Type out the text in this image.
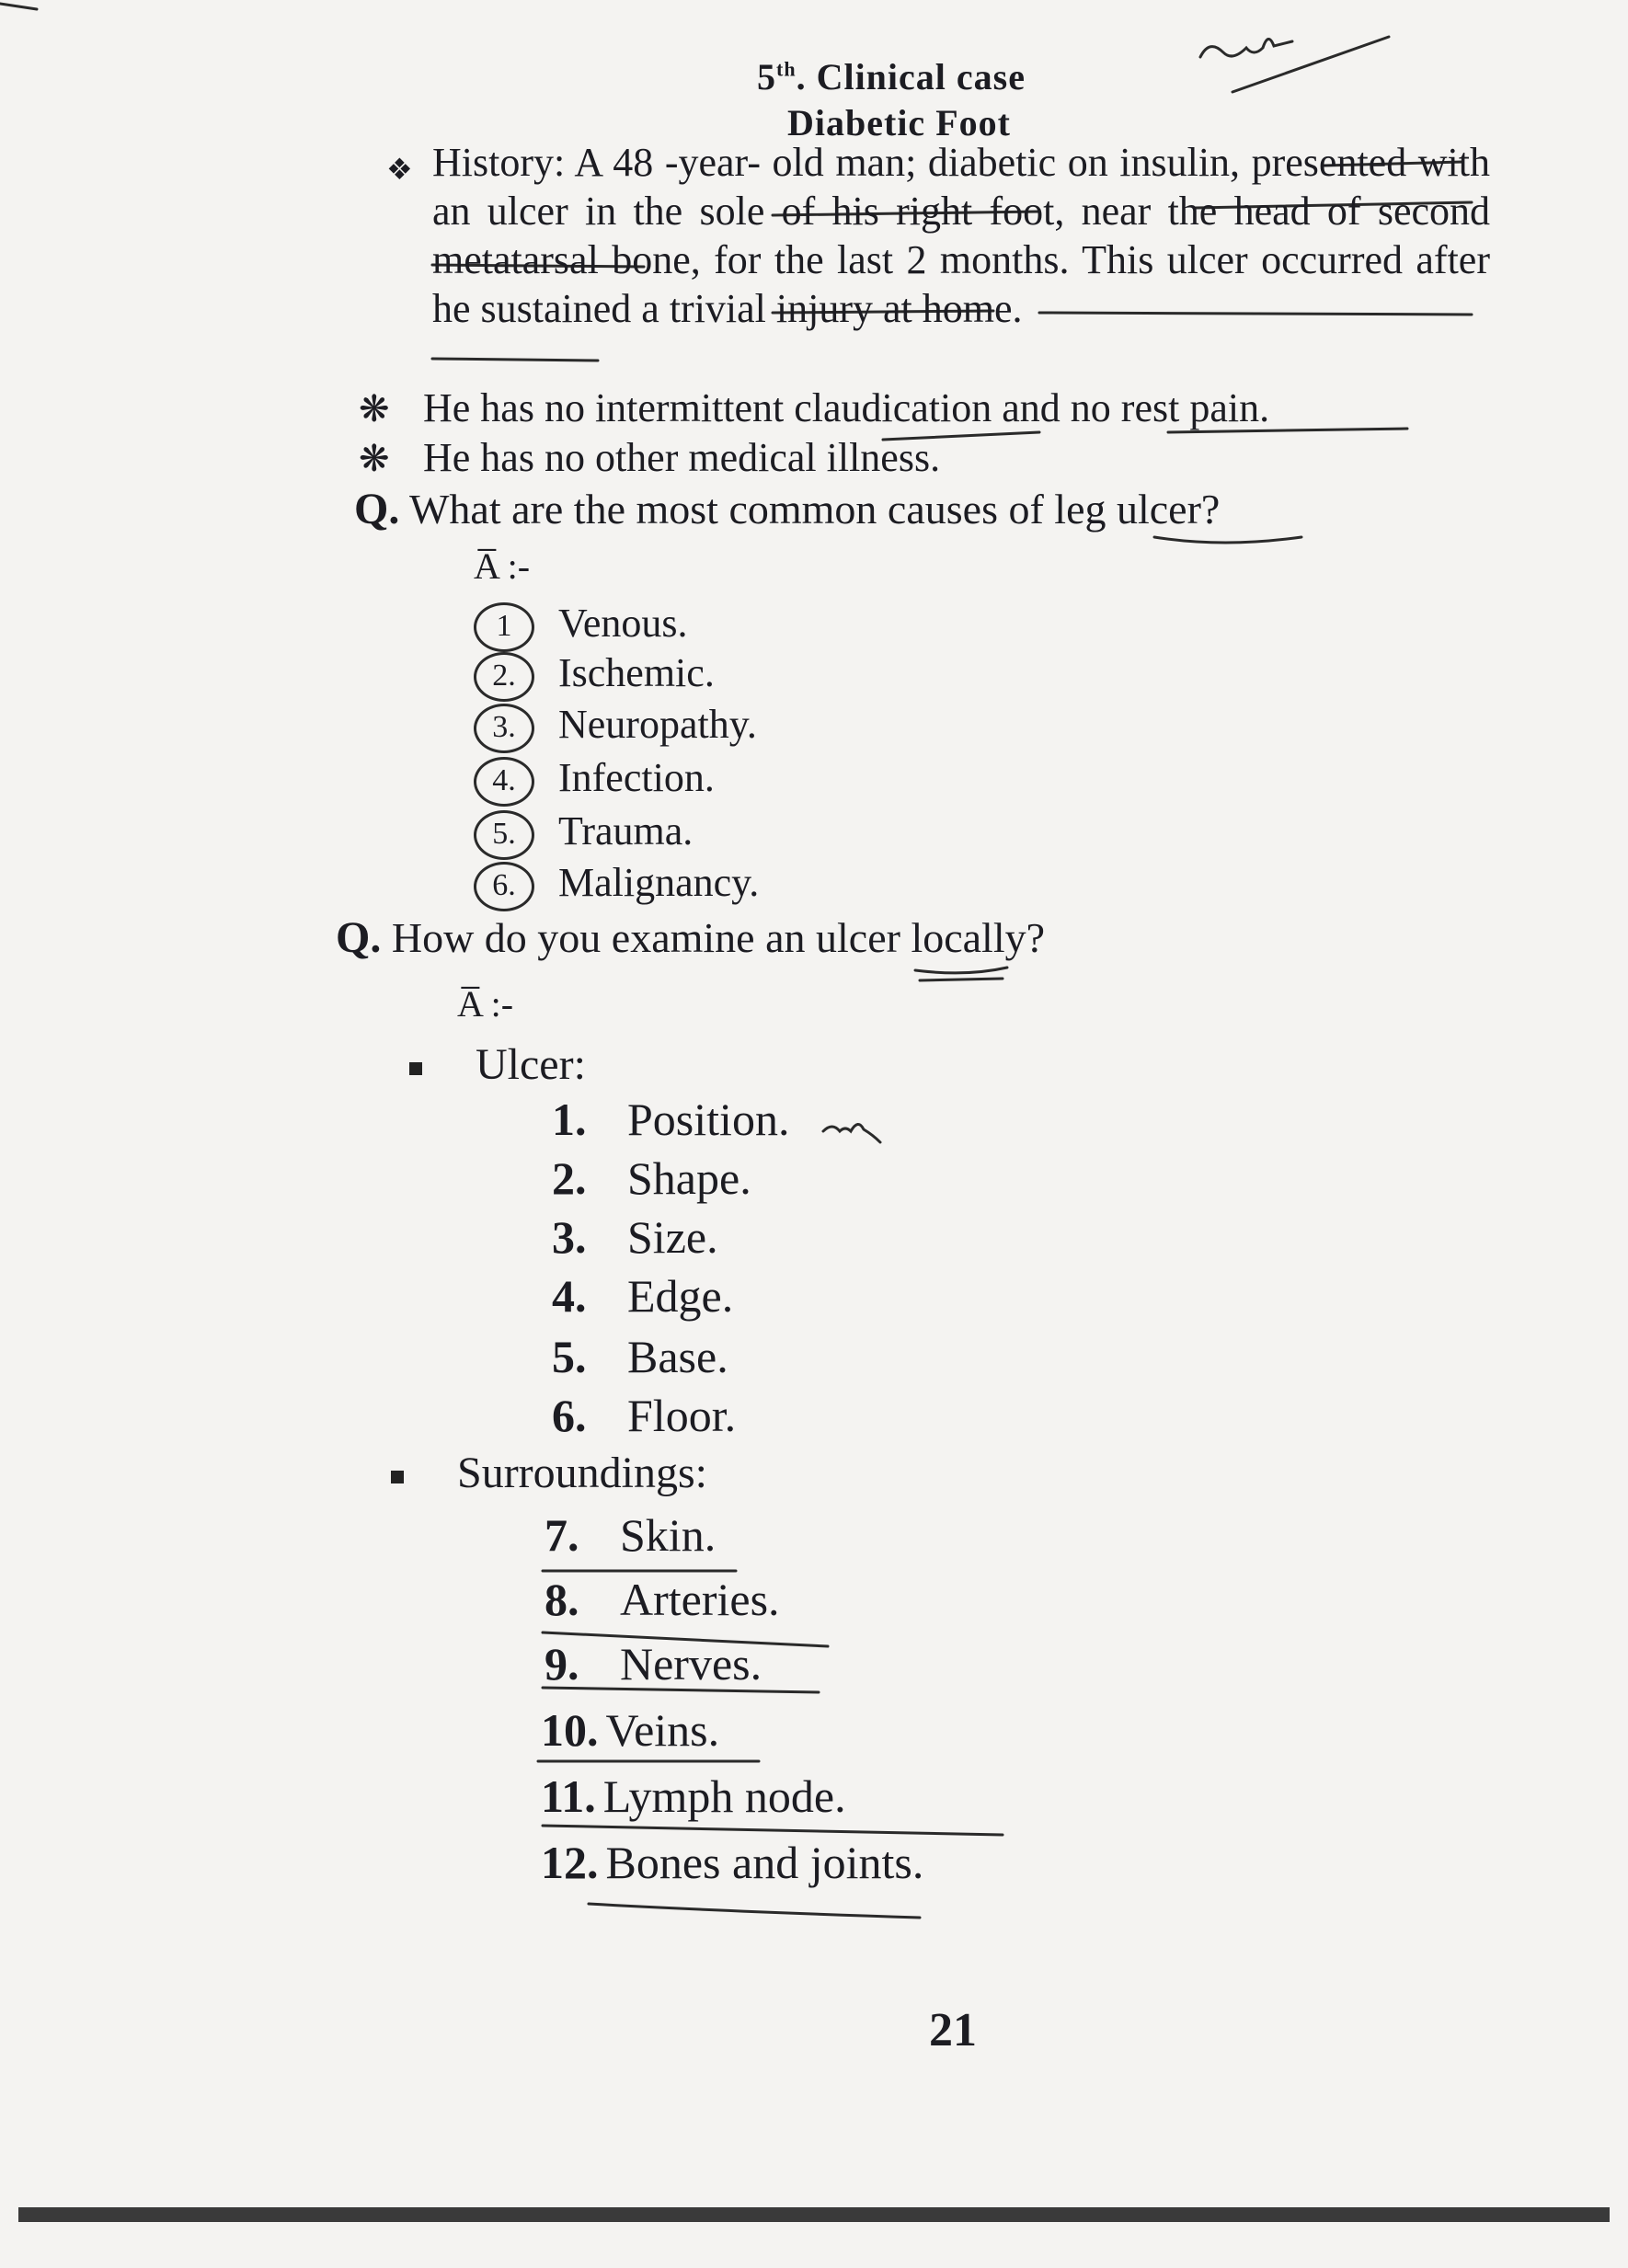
5th. Clinical case
Diabetic Foot
❖ History: A 48 -year- old man; diabetic on insulin, presented with an ulcer in the sole of his right foot, near the head of second metatarsal bone, for the last 2 months. This ulcer occurred after he sustained a trivial injury at home.
❋ He has no intermittent claudication and no rest pain.
❋ He has no other medical illness.
Q. What are the most common causes of leg ulcer?
A̅ :-
1 Venous.
2. Ischemic.
3. Neuropathy.
4. Infection.
5. Trauma.
6. Malignancy.
Q. How do you examine an ulcer locally?
A̅ :-
Ulcer:
1. Position.
2. Shape.
3. Size.
4. Edge.
5. Base.
6. Floor.
Surroundings:
7. Skin.
8. Arteries.
9. Nerves.
10. Veins.
11. Lymph node.
12. Bones and joints.
21
